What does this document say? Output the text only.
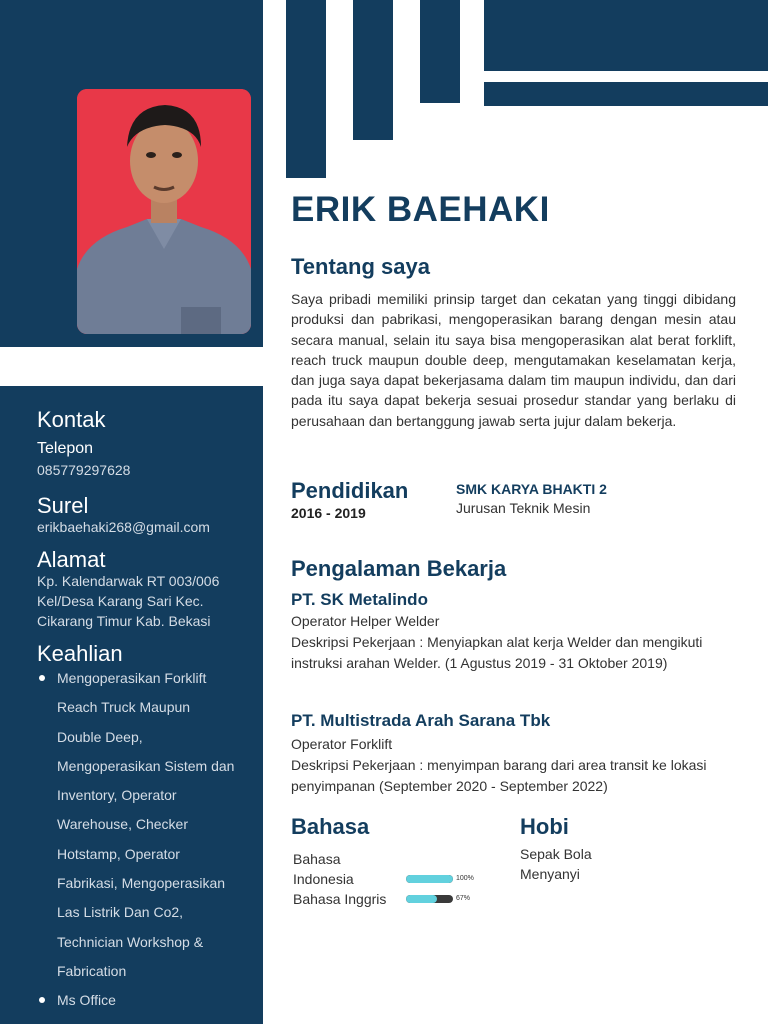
Kontak
Telepon
085779297628
Surel
erikbaehaki268@gmail.com
Alamat
Kp. Kalendarwak RT 003/006
Kel/Desa Karang Sari Kec.
Cikarang Timur Kab. Bekasi
Keahlian
Mengoperasikan Forklift
Reach Truck Maupun
Double Deep,
Mengoperasikan Sistem dan
Inventory, Operator
Warehouse, Checker
Hotstamp, Operator
Fabrikasi, Mengoperasikan
Las Listrik Dan Co2,
Technician Workshop &
Fabrication
Ms Office
ERIK BAEHAKI
Tentang saya
Saya pribadi memiliki prinsip target dan cekatan yang tinggi dibidang produksi dan pabrikasi, mengoperasikan barang dengan mesin atau secara manual, selain itu saya bisa mengoperasikan alat berat forklift, reach truck maupun double deep, mengutamakan keselamatan kerja, dan juga saya dapat bekerjasama dalam tim maupun individu, dan dari pada itu saya dapat bekerja sesuai prosedur standar yang berlaku di perusahaan dan bertanggung jawab serta jujur dalam bekerja.
Pendidikan
2016 - 2019
SMK KARYA BHAKTI 2
Jurusan Teknik Mesin
Pengalaman Bekarja
PT. SK Metalindo
Operator Helper Welder
Deskripsi Pekerjaan : Menyiapkan alat kerja Welder dan mengikuti instruksi arahan Welder. (1 Agustus 2019 - 31 Oktober 2019)
PT. Multistrada Arah Sarana Tbk
Operator Forklift
Deskripsi Pekerjaan : menyimpan barang dari area transit ke lokasi penyimpanan (September 2020 - September 2022)
Bahasa
Bahasa
Indonesia	100%
Bahasa Inggris	67%
Hobi
Sepak Bola
Menyanyi
